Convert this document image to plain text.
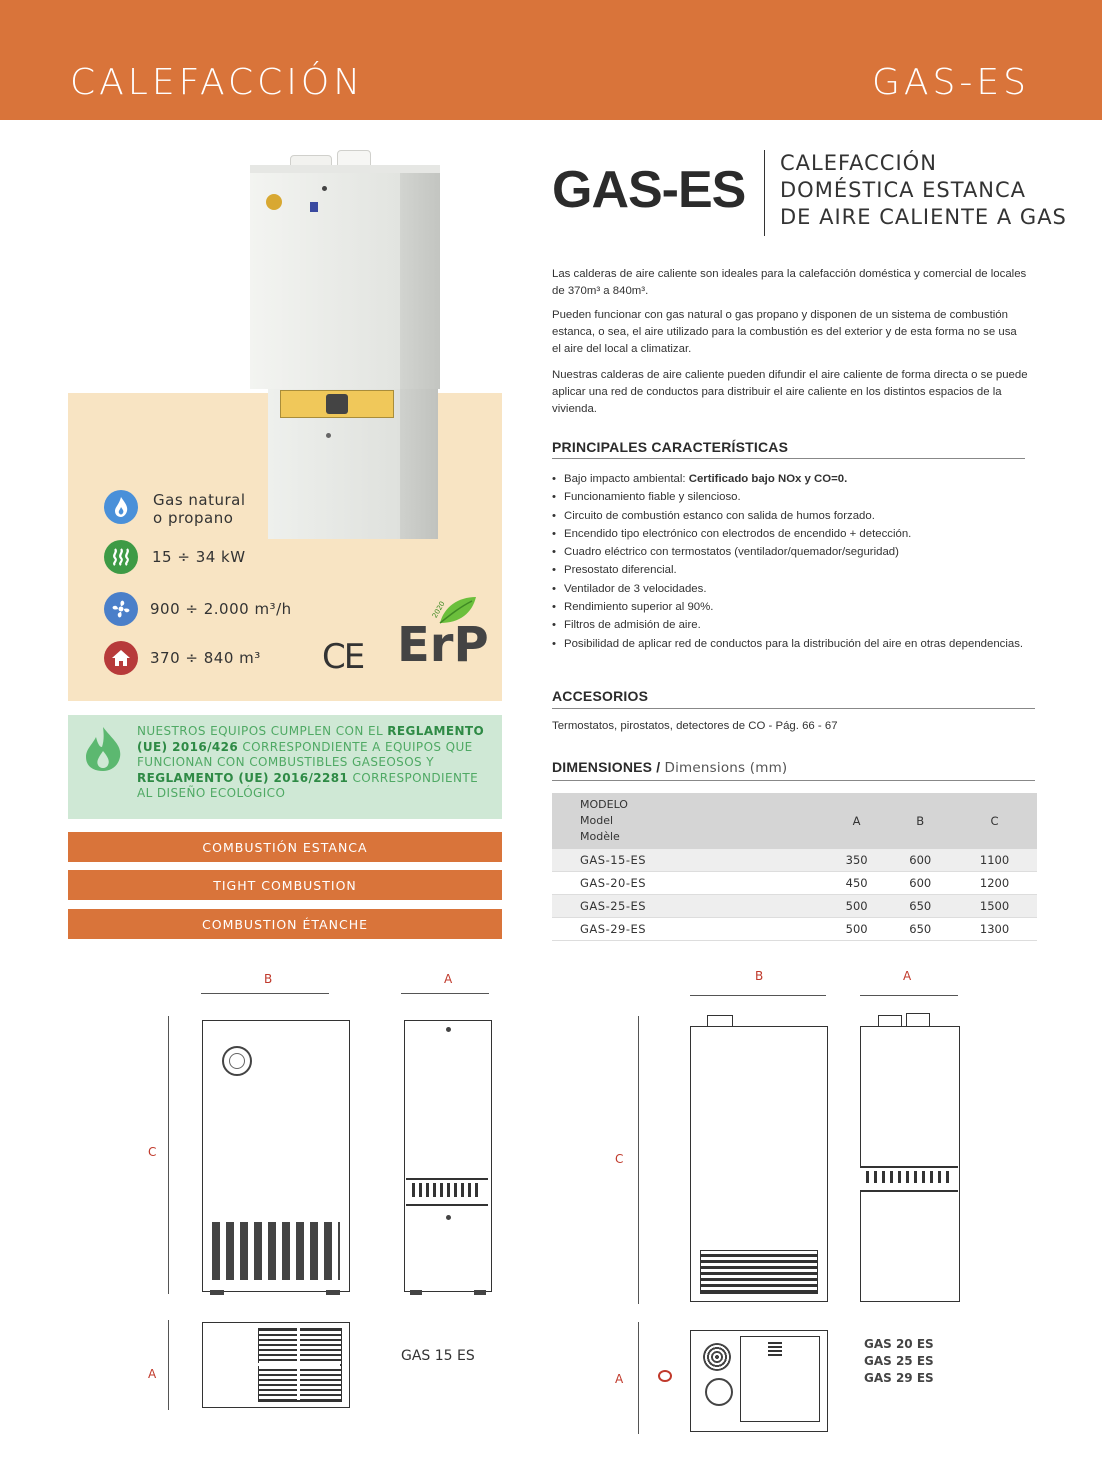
CALEFACCIÓN	GAS-ES
Gas natural
o propano
15 ÷ 34 kW
900 ÷ 2.000 m³/h
370 ÷ 840 m³ CE ErP
2020
NUESTROS EQUIPOS CUMPLEN CON EL REGLAMENTO (UE) 2016/426 CORRESPONDIENTE A EQUIPOS QUE FUNCIONAN CON COMBUSTIBLES GASEOSOS Y REGLAMENTO (UE) 2016/2281 CORRESPONDIENTE AL DISEÑO ECOLÓGICO
COMBUSTIÓN ESTANCA
TIGHT COMBUSTION
COMBUSTION ÉTANCHE
GAS-ES CALEFACCIÓN
DOMÉSTICA ESTANCA
DE AIRE CALIENTE A GAS
Las calderas de aire caliente son ideales para la calefacción doméstica y comercial de locales de 370m³ a 840m³.
Pueden funcionar con gas natural o gas propano y disponen de un sistema de combustión estanca, o sea, el aire utilizado para la combustión es del exterior y de esta forma no se usa el aire del local a climatizar.
Nuestras calderas de aire caliente pueden difundir el aire caliente de forma directa o se puede aplicar una red de conductos para distribuir el aire caliente en los distintos espacios de la vivienda.
PRINCIPALES CARACTERÍSTICAS
• Bajo impacto ambiental: Certificado bajo NOx y CO=0.
• Funcionamiento fiable y silencioso.
• Circuito de combustión estanco con salida de humos forzado.
• Encendido tipo electrónico con electrodos de encendido + detección.
• Cuadro eléctrico con termostatos (ventilador/quemador/seguridad)
• Presostato diferencial.
• Ventilador de 3 velocidades.
• Rendimiento superior al 90%.
• Filtros de admisión de aire.
• Posibilidad de aplicar red de conductos para la distribución del aire en otras dependencias.
ACCESORIOS
Termostatos, pirostatos, detectores de CO - Pág. 66 - 67
DIMENSIONES / Dimensions (mm)
MODELO
Model
Modèle	A	B	C
GAS-15-ES	350	600	1100
GAS-20-ES	450	600	1200
GAS-25-ES	500	650	1500
GAS-29-ES	500	650	1300
B	A
C
A
GAS 15 ES
B	A
C
A
GAS 20 ES
GAS 25 ES
GAS 29 ES
